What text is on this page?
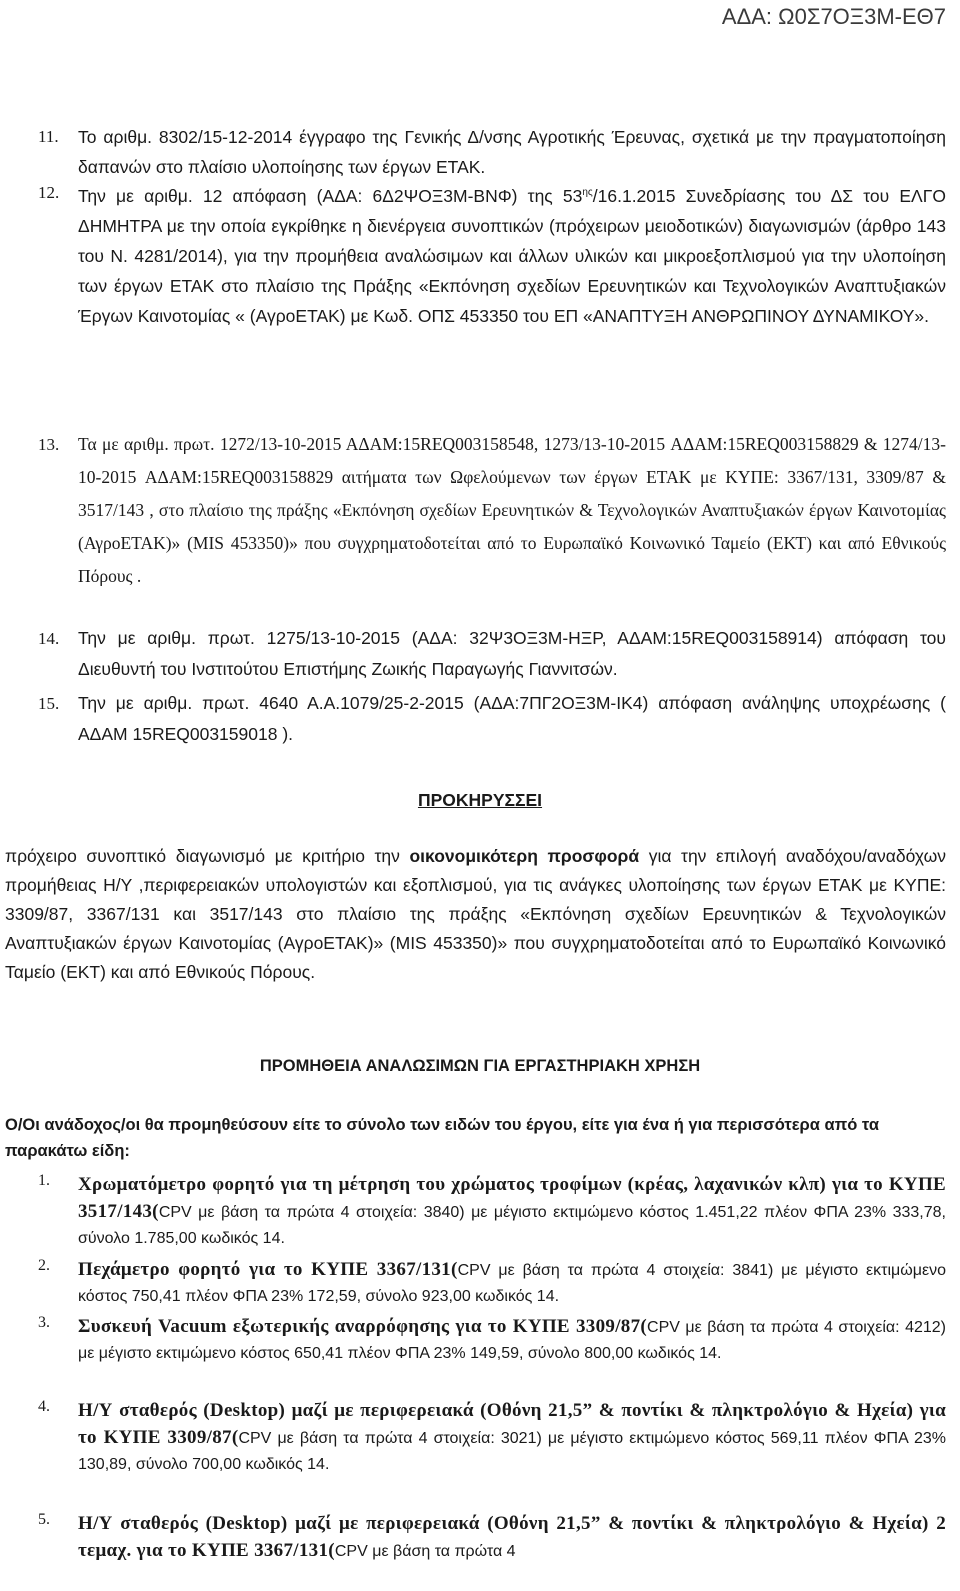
ΑΔΑ: Ω0Σ7ΟΞ3Μ-ΕΘ7
11. Το αριθμ. 8302/15-12-2014 έγγραφο της Γενικής Δ/νσης Αγροτικής Έρευνας, σχετικά με την πραγματοποίηση δαπανών στο πλαίσιο υλοποίησης των έργων ΕΤΑΚ.
12. Την με αριθμ. 12 απόφαση (ΑΔΑ: 6Δ2ΨΟΞ3Μ-ΒΝΦ) της $53^{\eta\varsigma}/16.1.2015$ Συνεδρίασης του ΔΣ του ΕΛΓΟ ΔΗΜΗΤΡΑ με την οποία εγκρίθηκε η διενέργεια συνοπτικών (πρόχειρων μειοδοτικών) διαγωνισμών (άρθρο 143 του Ν. 4281/2014), για την προμήθεια αναλώσιμων και άλλων υλικών και μικροεξοπλισμού για την υλοποίηση των έργων ΕΤΑΚ στο πλαίσιο της Πράξης «Εκπόνηση σχεδίων Ερευνητικών και Τεχνολογικών Αναπτυξιακών Έργων Καινοτομίας « (ΑγροΕΤΑΚ) με Κωδ. ΟΠΣ 453350 του ΕΠ «ΑΝΑΠΤΥΞΗ ΑΝΘΡΩΠΙΝΟΥ ΔΥΝΑΜΙΚΟΥ».
13. Τα με αριθμ. πρωτ. 1272/13-10-2015 ΑΔΑΜ:15REQ003158548, 1273/13-10-2015 ΑΔΑΜ:15REQ003158829 & 1274/13-10-2015 ΑΔΑΜ:15REQ003158829 αιτήματα των Ωφελούμενων των έργων ΕΤΑΚ με ΚΥΠΕ: 3367/131, 3309/87 & 3517/143 , στο πλαίσιο της πράξης «Εκπόνηση σχεδίων Ερευνητικών & Τεχνολογικών Αναπτυξιακών έργων Καινοτομίας (ΑγροΕΤΑΚ)» (MIS 453350)» που συγχρηματοδοτείται από το Ευρωπαϊκό Κοινωνικό Ταμείο (ΕΚΤ) και από Εθνικούς Πόρους .
14. Την με αριθμ. πρωτ. 1275/13-10-2015 (ΑΔΑ: 32Ψ3ΟΞ3Μ-ΗΞΡ, ΑΔΑΜ:15REQ003158914) απόφαση του Διευθυντή του Ινστιτούτου Επιστήμης Ζωικής Παραγωγής Γιαννιτσών.
15. Την με αριθμ. πρωτ. 4640 Α.Α.1079/25-2-2015 (ΑΔΑ:7ΠΓ2ΟΞ3Μ-ΙΚ4) απόφαση ανάληψης υποχρέωσης ( ΑΔΑΜ 15REQ003159018 ).
ΠΡΟΚΗΡΥΣΣΕΙ
πρόχειρο συνοπτικό διαγωνισμό με κριτήριο την οικονομικότερη προσφορά για την επιλογή αναδόχου/αναδόχων προμήθειας Η/Υ ,περιφερειακών υπολογιστών και εξοπλισμού, για τις ανάγκες υλοποίησης των έργων ΕΤΑΚ με ΚΥΠΕ: 3309/87, 3367/131 και 3517/143 στο πλαίσιο της πράξης «Εκπόνηση σχεδίων Ερευνητικών & Τεχνολογικών Αναπτυξιακών έργων Καινοτομίας (ΑγροΕΤΑΚ)» (MIS 453350)» που συγχρηματοδοτείται από το Ευρωπαϊκό Κοινωνικό Ταμείο (ΕΚΤ) και από Εθνικούς Πόρους.
ΠΡΟΜΗΘΕΙΑ ΑΝΑΛΩΣΙΜΩΝ ΓΙΑ ΕΡΓΑΣΤΗΡΙΑΚΗ ΧΡΗΣΗ
Ο/Οι ανάδοχος/οι θα προμηθεύσουν είτε το σύνολο των ειδών του έργου, είτε για ένα ή για περισσότερα από τα παρακάτω είδη:
1. Χρωματόμετρο φορητό για τη μέτρηση του χρώματος τροφίμων (κρέας, λαχανικών κλπ) για το ΚΥΠΕ 3517/143(CPV με βάση τα πρώτα 4 στοιχεία: 3840) με μέγιστο εκτιμώμενο κόστος 1.451,22 πλέον ΦΠΑ 23% 333,78, σύνολο 1.785,00 κωδικός 14.
2. Πεχάμετρο φορητό για το ΚΥΠΕ 3367/131(CPV με βάση τα πρώτα 4 στοιχεία: 3841) με μέγιστο εκτιμώμενο κόστος 750,41 πλέον ΦΠΑ 23% 172,59, σύνολο 923,00 κωδικός 14.
3. Συσκευή Vacuum εξωτερικής αναρρόφησης για το ΚΥΠΕ 3309/87(CPV με βάση τα πρώτα 4 στοιχεία: 4212) με μέγιστο εκτιμώμενο κόστος 650,41 πλέον ΦΠΑ 23% 149,59, σύνολο 800,00 κωδικός 14.
4. Η/Υ σταθερός (Desktop) μαζί με περιφερειακά (Οθόνη 21,5” & ποντίκι & πληκτρολόγιο & Ηχεία) για το ΚΥΠΕ 3309/87(CPV με βάση τα πρώτα 4 στοιχεία: 3021) με μέγιστο εκτιμώμενο κόστος 569,11 πλέον ΦΠΑ 23% 130,89, σύνολο 700,00 κωδικός 14.
5. Η/Υ σταθερός (Desktop) μαζί με περιφερειακά (Οθόνη 21,5” & ποντίκι & πληκτρολόγιο & Ηχεία) 2 τεμαχ. για το ΚΥΠΕ 3367/131(CPV με βάση τα πρώτα 4
